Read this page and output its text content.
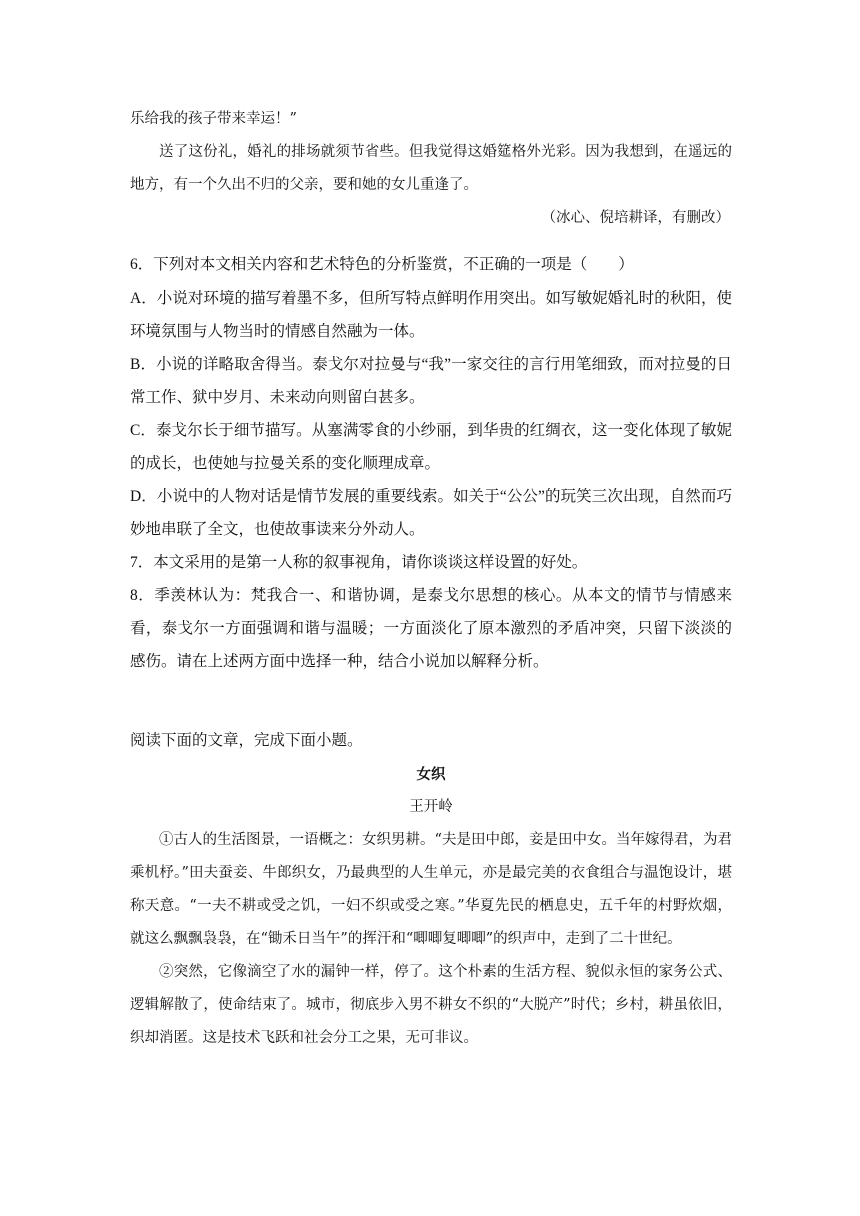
乐给我的孩子带来幸运！”

送了这份礼，婚礼的排场就须节省些。但我觉得这婚筵格外光彩。因为我想到，在遥远的地方，有一个久出不归的父亲，要和她的女儿重逢了。

（冰心、倪培耕译，有删改）

6．下列对本文相关内容和艺术特色的分析鉴赏，不正确的一项是（　　）

A．小说对环境的描写着墨不多，但所写特点鲜明作用突出。如写敏妮婚礼时的秋阳，使环境氛围与人物当时的情感自然融为一体。

B．小说的详略取舍得当。泰戈尔对拉曼与“我”一家交往的言行用笔细致，而对拉曼的日常工作、狱中岁月、未来动向则留白甚多。

C．泰戈尔长于细节描写。从塞满零食的小纱丽，到华贵的红绸衣，这一变化体现了敏妮的成长，也使她与拉曼关系的变化顺理成章。

D．小说中的人物对话是情节发展的重要线索。如关于“公公”的玩笑三次出现，自然而巧妙地串联了全文，也使故事读来分外动人。

7．本文采用的是第一人称的叙事视角，请你谈谈这样设置的好处。

8．季羡林认为：梵我合一、和谐协调，是泰戈尔思想的核心。从本文的情节与情感来看，泰戈尔一方面强调和谐与温暖；一方面淡化了原本激烈的矛盾冲突，只留下淡淡的感伤。请在上述两方面中选择一种，结合小说加以解释分析。

阅读下面的文章，完成下面小题。

女织

王开岭

①古人的生活图景，一语概之：女织男耕。“夫是田中郎，妾是田中女。当年嫁得君，为君乘机杼。”田夫蚕妾、牛郎织女，乃最典型的人生单元，亦是最完美的衣食组合与温饱设计，堪称天意。“一夫不耕或受之饥，一妇不织或受之寒。”华夏先民的栖息史，五千年的村野炊烟，就这么飘飘袅袅，在“锄禾日当午”的挥汗和“唧唧复唧唧”的织声中，走到了二十世纪。

②突然，它像滴空了水的漏钟一样，停了。这个朴素的生活方程、貌似永恒的家务公式、逻辑解散了，使命结束了。城市，彻底步入男不耕女不织的“大脱产”时代；乡村，耕虽依旧，织却消匿。这是技术飞跃和社会分工之果，无可非议。
